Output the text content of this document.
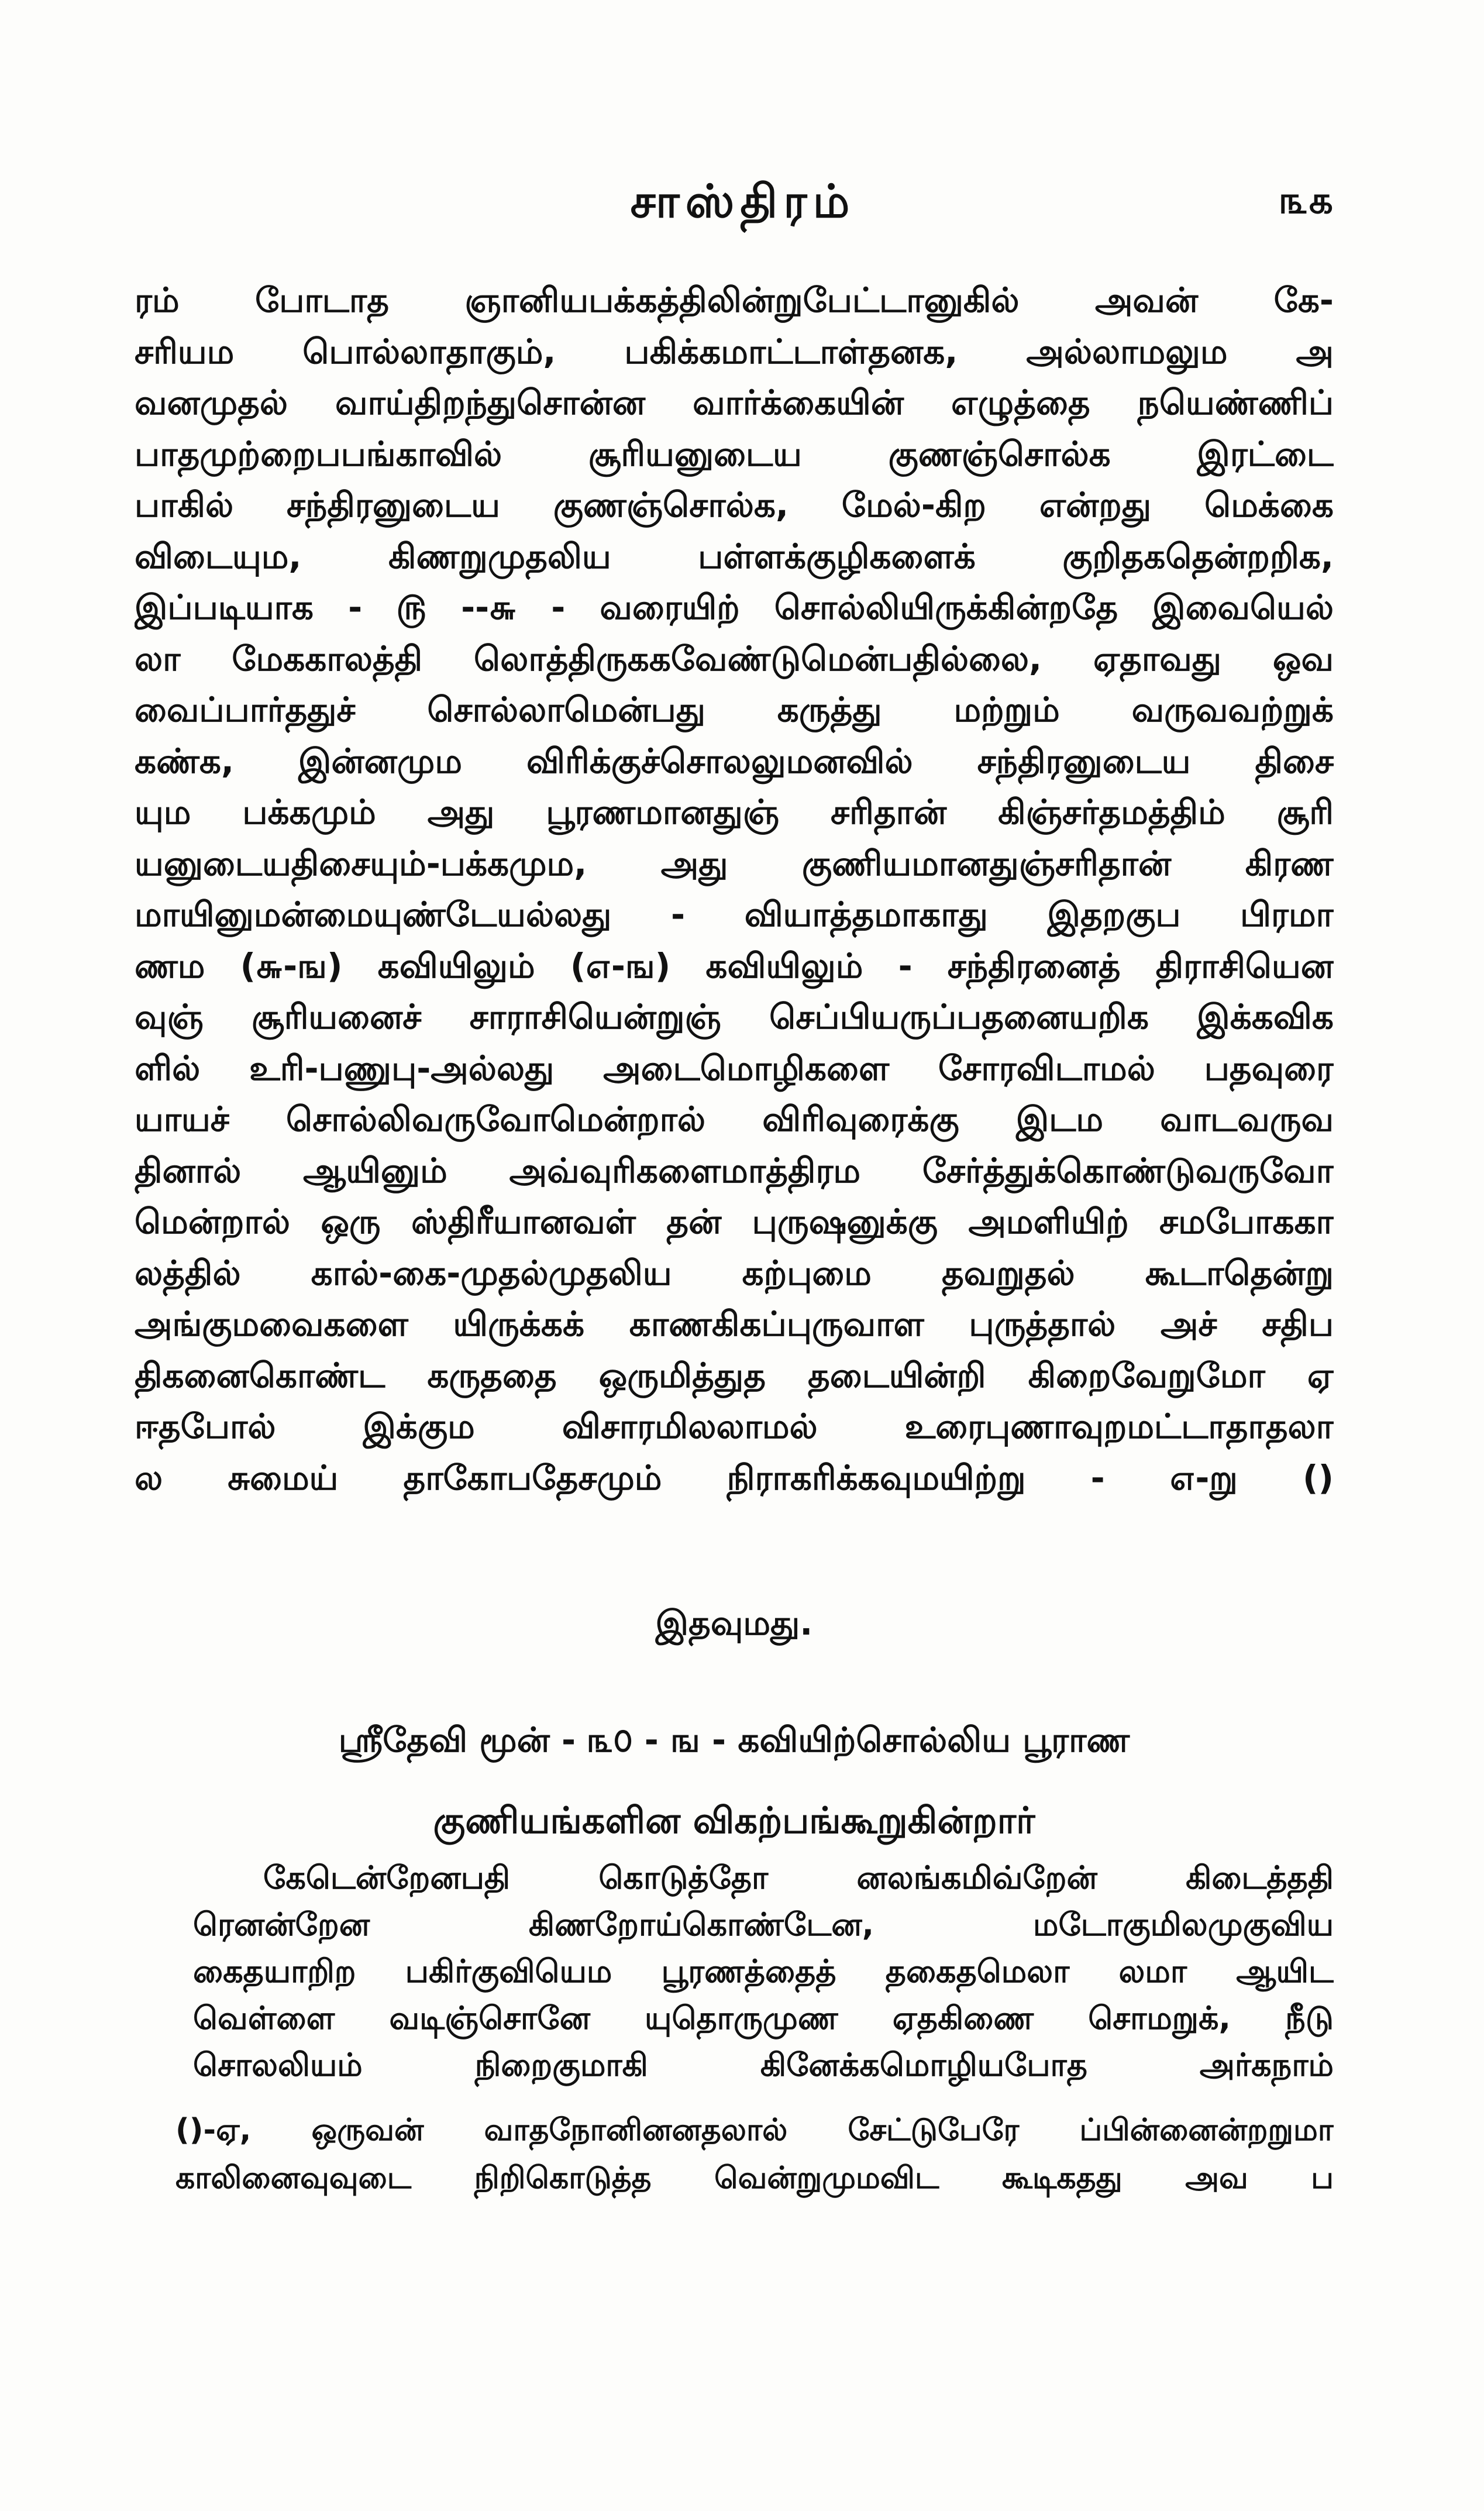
சாஸ்திரம்	௩௧
ரம் போடாத ஞானியபக்கத்திலின்றுபேட்டானுகில் அவன் கே-
சரியம பொல்லாதாகும், பகிக்கமாட்டாள்தனக, அல்லாமலும அ
வனமுதல் வாய்திறந்துசொன்ன வார்க்கையின் எழுத்தை நயெண்ணிப்
பாதமுற்றைபபங்காவில் சூரியனுடைய குணஞ்சொல்க இரட்டை
பாகில் சந்திரனுடைய குணஞ்சொல்க, மேல்-கிற என்றது மெக்கை
விடையும, கிணறுமுதலிய பள்ளக்குழிகளைக் குறிதகதென்றறிக,
இப்படியாக - ௫ --௬ - வரையிற் சொல்லியிருக்கின்றதே இவையெல்
லா மேககாலத்தி லொத்திருககவேண்டுமென்பதில்லை, ஏதாவது ஒவ
வைப்பார்ததுச் சொல்லாமென்பது கருத்து மற்றும் வருவவற்றுக்
கண்க, இன்னமும விரிக்குச்சொலலுமனவில் சந்திரனுடைய திசை
யும பக்கமும் அது பூரணமானதுஞ் சரிதான் கிஞ்சர்தமத்திம் சூரி
யனுடையதிசையும்-பக்கமும, அது குணியமானதுஞ்சரிதான் கிரண
மாயினுமன்மையுண்டேயல்லது - வியாத்தமாகாது இதறகுப பிரமா
ணம (௬-ங) கவியிலும் (௭-ங) கவியிலும் - சந்திரனைத் திராசியென
வுஞ் சூரியனைச் சாராசியென்றுஞ் செப்பியருப்பதனையறிக இக்கவிக
ளில் உரி-பணுபு-அல்லது அடைமொழிகளை சோரவிடாமல் பதவுரை
யாயச் சொல்லிவருவோமென்றால் விரிவுரைக்கு இடம வாடவருவ
தினால் ஆயினும் அவ்வுரிகளைமாத்திரம சேர்த்துக்கொண்டுவருவோ
மென்றால் ஒரு ஸ்திரீயானவள் தன் புருஷனுக்கு அமளியிற் சமபோககா
லத்தில் கால்-கை-முதல்முதலிய கற்புமை தவறுதல் கூடாதென்று
அங்குமவைகளை யிருக்கக் காணகிகப்புருவாள புருத்தால் அச் சதிப
திகனைகொண்ட கருததை ஒருமித்துத தடையின்றி கிறைவேறுமோ ஏ
ஈதபோல் இக்கும விசாரமிலலாமல் உரைபுணாவுறமட்டாதாதலா
ல சுமைய் தாகோபதேசமும் நிராகரிக்கவுமயிற்று - ௭-று ()
இதவுமது.
ஸ்ரீதேவி மூன் - ௩௦ - ங - கவியிற்சொல்லிய பூராண
குணியங்களின விகற்பங்கூறுகின்றார்
கேடென்றேனபதி கொடுத்தோ னலங்கமிவ்றேன் கிடைத்ததி
ரெனன்றேன கிணறோய்கொண்டேன, மடோகுமிலமுகுவிய
கைதயாறிற பகிர்குவியெம பூரணத்தைத் தகைதமெலா லமா ஆயிட
வெள்ளை வடிஞ்சொனே யுதொருமுண ஏதகிணை சொமறுக், நீடு
சொலலியம் நிறைகுமாகி கினேக்கமொழியபோத அர்கநாம்
()-ஏ, ஒருவன் வாதநோனினனதலால் சேட்டுபேரே ப்பின்னைன்றறுமா
காலினைவுவுடை நிறிகொடுத்த வென்றுமுமவிட கூடிகதது அவ ப
